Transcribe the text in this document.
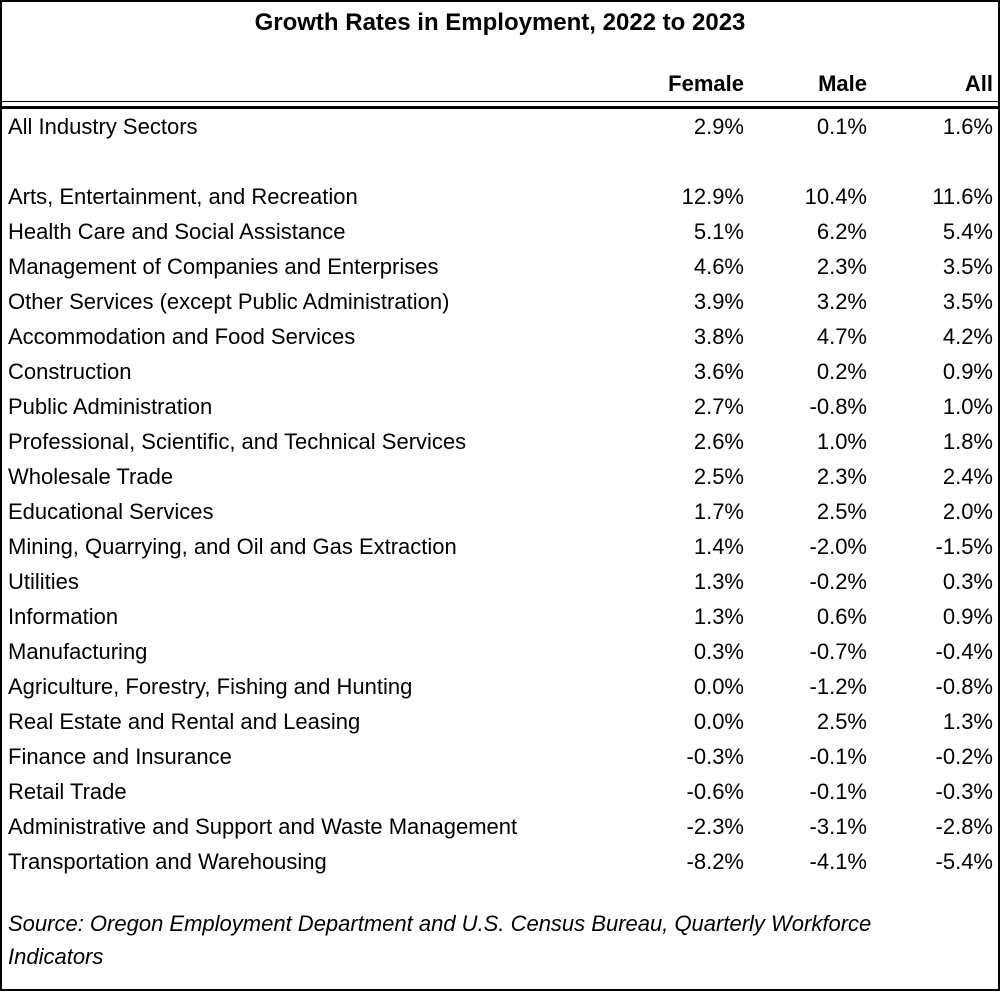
Growth Rates in Employment, 2022 to 2023
Female	Male	All
All Industry Sectors	2.9%	0.1%	1.6%
Arts, Entertainment, and Recreation	12.9%	10.4%	11.6%
Health Care and Social Assistance	5.1%	6.2%	5.4%
Management of Companies and Enterprises	4.6%	2.3%	3.5%
Other Services (except Public Administration)	3.9%	3.2%	3.5%
Accommodation and Food Services	3.8%	4.7%	4.2%
Construction	3.6%	0.2%	0.9%
Public Administration	2.7%	-0.8%	1.0%
Professional, Scientific, and Technical Services	2.6%	1.0%	1.8%
Wholesale Trade	2.5%	2.3%	2.4%
Educational Services	1.7%	2.5%	2.0%
Mining, Quarrying, and Oil and Gas Extraction	1.4%	-2.0%	-1.5%
Utilities	1.3%	-0.2%	0.3%
Information	1.3%	0.6%	0.9%
Manufacturing	0.3%	-0.7%	-0.4%
Agriculture, Forestry, Fishing and Hunting	0.0%	-1.2%	-0.8%
Real Estate and Rental and Leasing	0.0%	2.5%	1.3%
Finance and Insurance	-0.3%	-0.1%	-0.2%
Retail Trade	-0.6%	-0.1%	-0.3%
Administrative and Support and Waste Management	-2.3%	-3.1%	-2.8%
Transportation and Warehousing	-8.2%	-4.1%	-5.4%
Source: Oregon Employment Department and U.S. Census Bureau, Quarterly Workforce Indicators
